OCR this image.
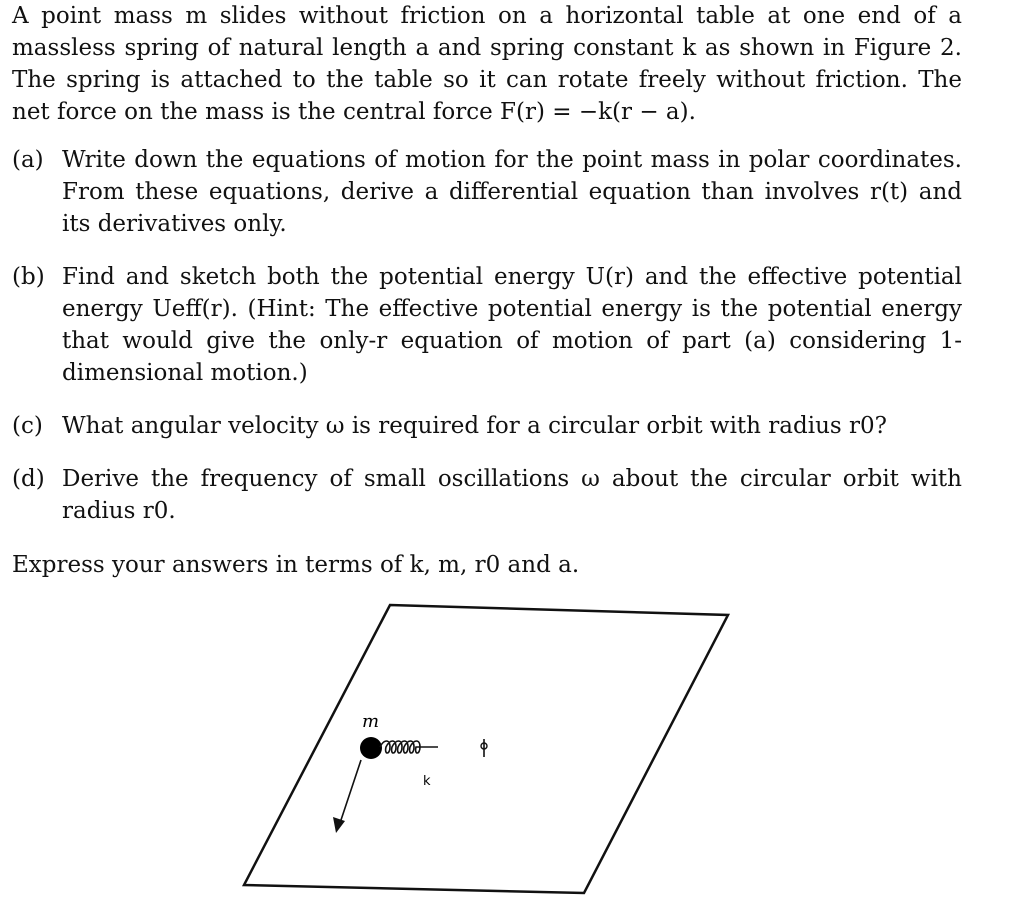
A point mass m slides without friction on a horizontal table at one end of a massless spring of natural length a and spring constant k as shown in Figure 2. The spring is attached to the table so it can rotate freely without friction. The net force on the mass is the central force F(r) = −k(r − a).

(a) Write down the equations of motion for the point mass in polar coordinates. From these equations, derive a differential equation than involves r(t) and its derivatives only.
(b) Find and sketch both the potential energy U(r) and the effective potential energy Ueff(r). (Hint: The effective potential energy is the potential energy that would give the only-r equation of motion of part (a) considering 1-dimensional motion.)
(c) What angular velocity ω is required for a circular orbit with radius r0?
(d) Derive the frequency of small oscillations ω about the circular orbit with radius r0.

Express your answers in terms of k, m, r0 and a.

m
k
